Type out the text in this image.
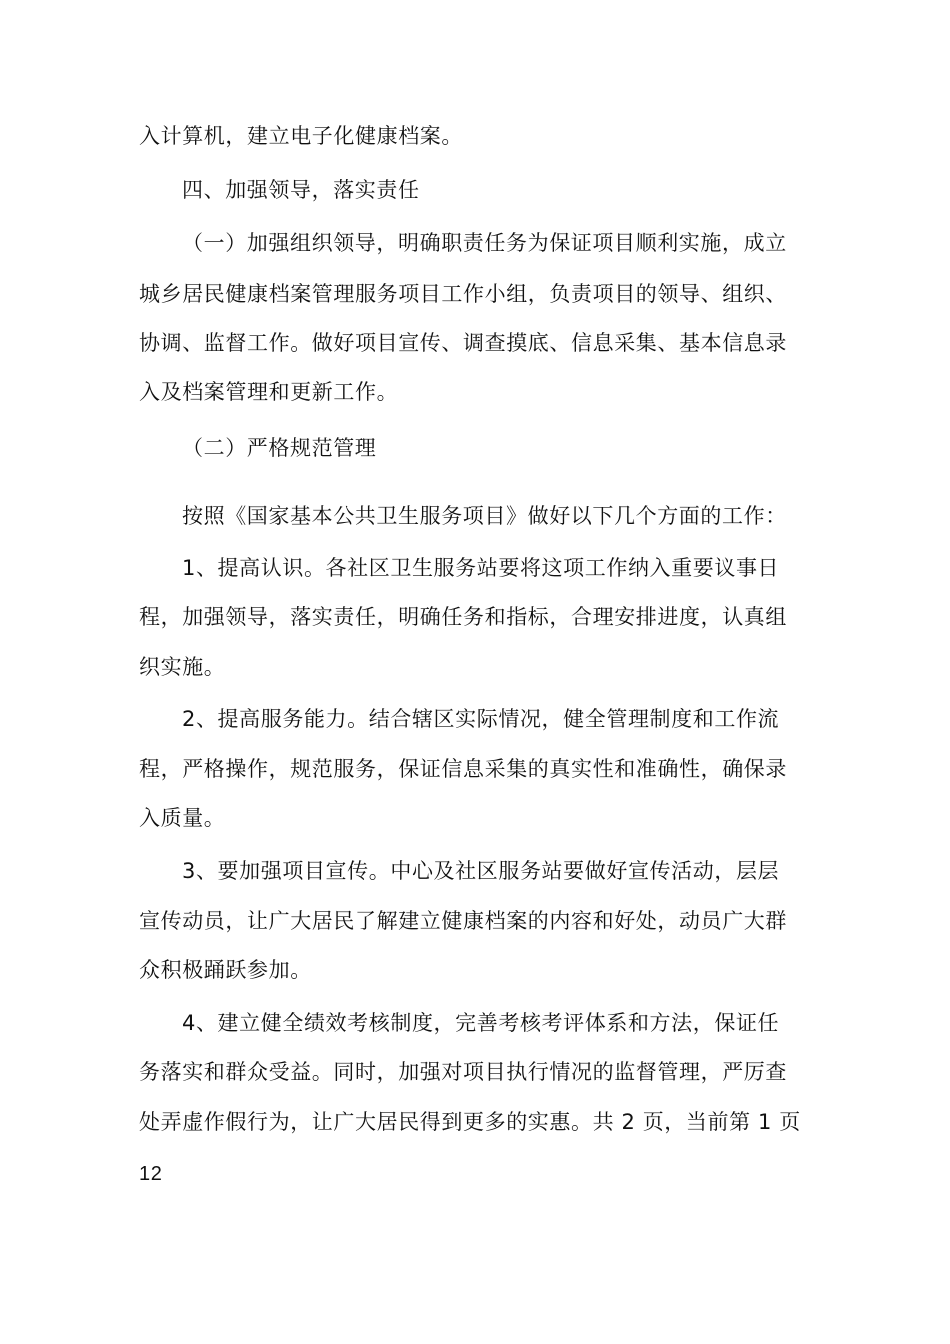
入计算机，建立电子化健康档案。
四、加强领导，落实责任
（一）加强组织领导，明确职责任务为保证项目顺利实施，成立
城乡居民健康档案管理服务项目工作小组，负责项目的领导、组织、
协调、监督工作。做好项目宣传、调查摸底、信息采集、基本信息录
入及档案管理和更新工作。
（二）严格规范管理
按照《国家基本公共卫生服务项目》做好以下几个方面的工作：
1、提高认识。各社区卫生服务站要将这项工作纳入重要议事日
程，加强领导，落实责任，明确任务和指标，合理安排进度，认真组
织实施。
2、提高服务能力。结合辖区实际情况，健全管理制度和工作流
程，严格操作，规范服务，保证信息采集的真实性和准确性，确保录
入质量。
3、要加强项目宣传。中心及社区服务站要做好宣传活动，层层
宣传动员，让广大居民了解建立健康档案的内容和好处，动员广大群
众积极踊跃参加。
4、建立健全绩效考核制度，完善考核考评体系和方法，保证任
务落实和群众受益。同时，加强对项目执行情况的监督管理，严厉查
处弄虚作假行为，让广大居民得到更多的实惠。共 2 页，当前第 1 页
12
